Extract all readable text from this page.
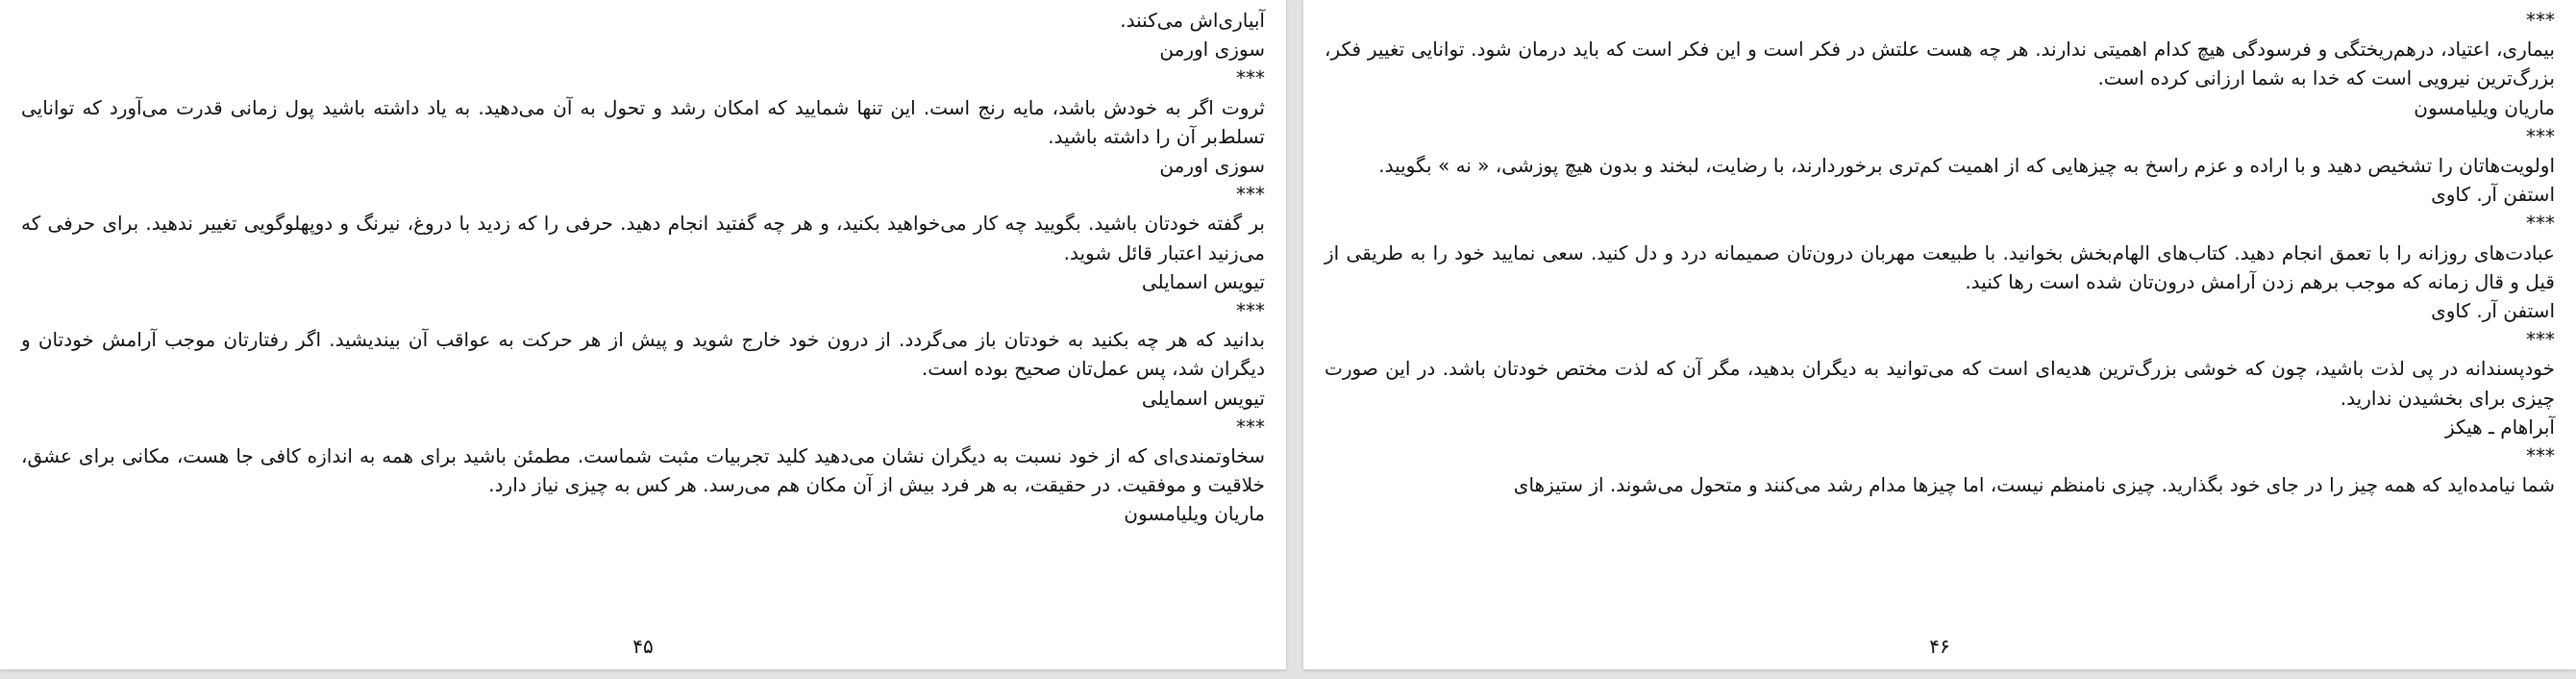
آبیاری‌اش می‌کنند.

سوزی اورمن

***

ثروت اگر به خودش باشد، مایه رنج است. این تنها شمایید که امکان رشد و تحول به آن می‌دهید. به یاد داشته باشید پول زمانی قدرت می‌آورد که توانایی تسلط‌بر آن را داشته باشید.

سوزی اورمن

***

بر گفته خودتان باشید. بگویید چه کار می‌خواهید بکنید، و هر چه گفتید انجام دهید. حرفی را که زدید با دروغ، نیرنگ و دوپهلوگویی تغییر ندهید. برای حرفی که می‌زنید اعتبار قائل شوید.

تیویس اسمایلی

***

بدانید که هر چه بکنید به خودتان باز می‌گردد. از درون خود خارج شوید و پیش از هر حرکت به عواقب آن بیندیشید. اگر رفتارتان موجب آرامش خودتان و دیگران شد، پس عمل‌تان صحیح بوده است.

تیویس اسمایلی

***

سخاوتمندی‌ای که از خود نسبت به دیگران نشان می‌دهید کلید تجربیات مثبت شماست. مطمئن باشید برای همه به اندازه کافی جا هست، مکانی برای عشق، خلاقیت و موفقیت. در حقیقت، به هر فرد بیش از آن مکان هم می‌رسد. هر کس به چیزی نیاز دارد.

ماریان ویلیامسون

۴۵

***

بیماری، اعتیاد، درهم‌ریختگی و فرسودگی هیچ کدام اهمیتی ندارند. هر چه هست علتش در فکر است و این فکر است که باید درمان شود. توانایی تغییر فکر، بزرگ‌ترین نیرویی است که خدا به شما ارزانی کرده است.

ماریان ویلیامسون

***

اولویت‌هاتان را تشخیص دهید و با اراده و عزم راسخ به چیزهایی که از اهمیت کم‌تری برخوردارند، با رضایت، لبخند و بدون هیچ پوزشی، « نه » بگویید.

استفن آر. کاوی

***

عبادت‌های روزانه را با تعمق انجام دهید. کتاب‌های الهام‌بخش بخوانید. با طبیعت مهربان درون‌تان صمیمانه درد و دل کنید. سعی نمایید خود را به طریقی از قیل و قال زمانه که موجب برهم زدن آرامش درون‌تان شده است رها کنید.

استفن آر. کاوی

***

خودپسندانه در پی لذت باشید، چون که خوشی بزرگ‌ترین هدیه‌ای است که می‌توانید به دیگران بدهید، مگر آن که لذت مختص خودتان باشد. در این صورت چیزی برای بخشیدن ندارید.

آبراهام ـ هیکز

***

شما نیامده‌اید که همه چیز را در جای خود بگذارید. چیزی نامنظم نیست، اما چیزها مدام رشد می‌کنند و متحول می‌شوند. از ستیزهای

۴۶
